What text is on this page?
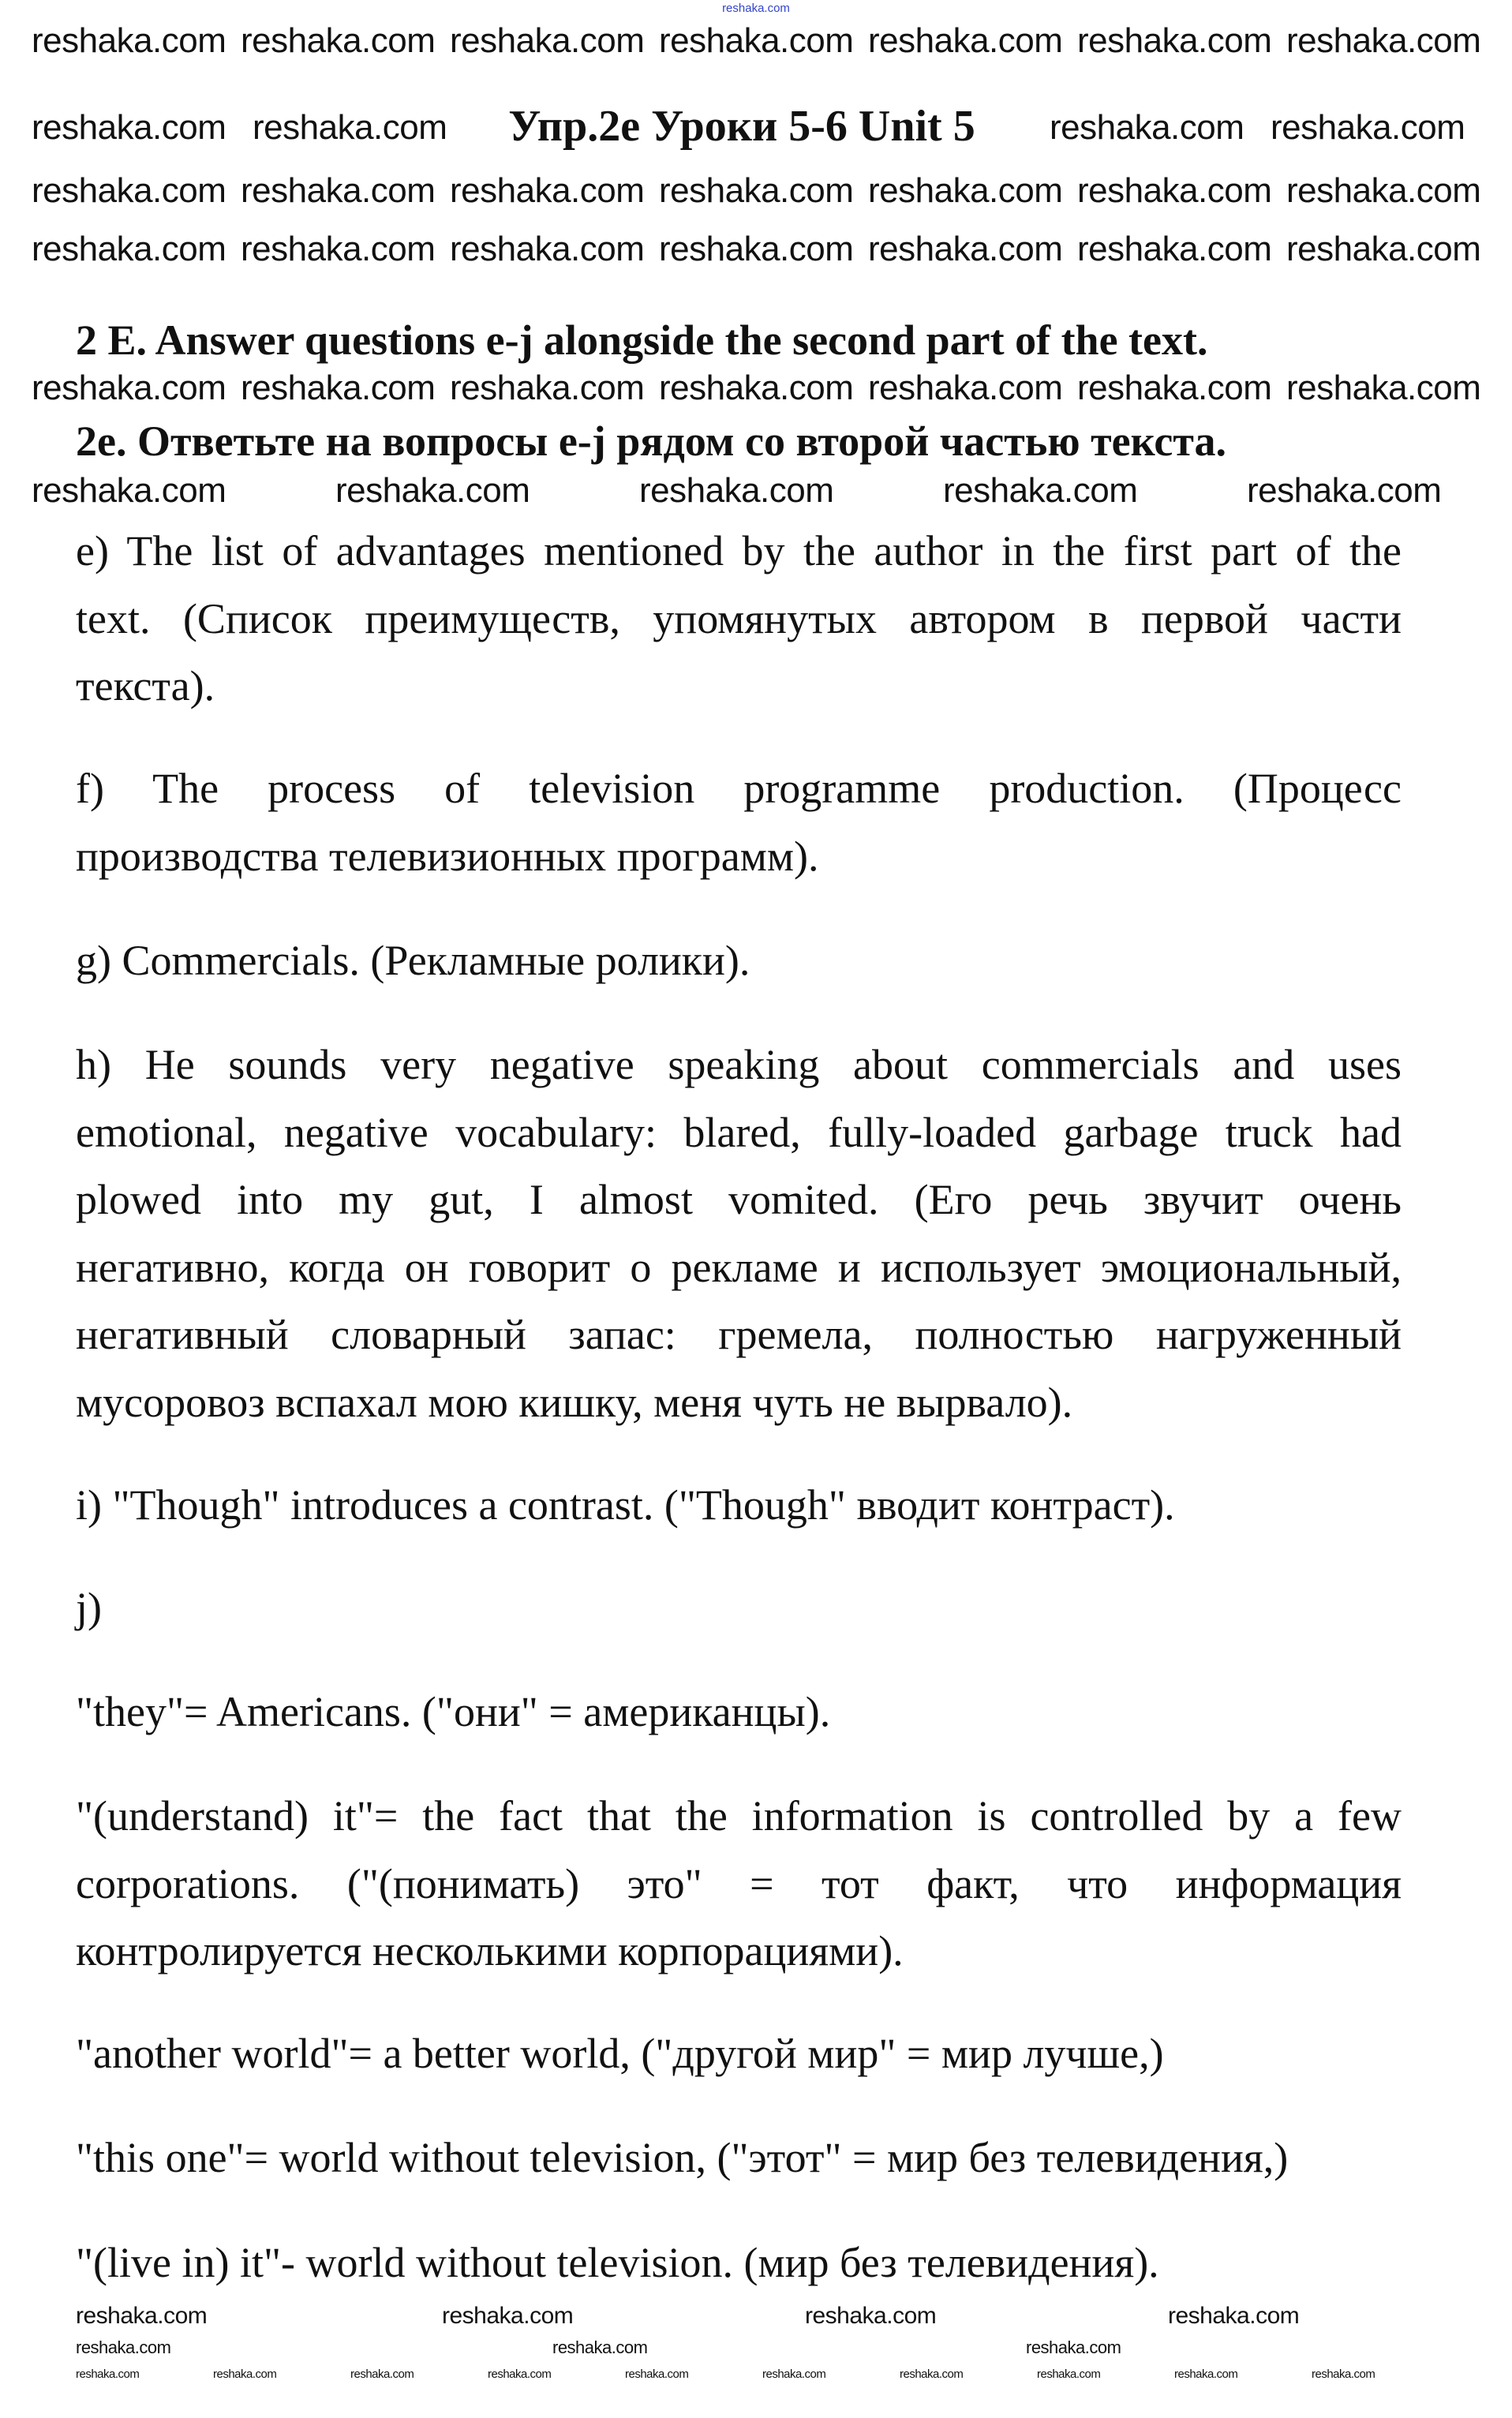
reshaka.com
Упр.2е Уроки 5-6 Unit 5
2 E. Answer questions e-j alongside the second part of the text.
2е. Ответьте на вопросы e-j рядом со второй частью текста.
e) The list of advantages mentioned by the author in the first part of the
text. (Список преимуществ, упомянутых автором в первой части
текста).
f) The process of television programme production. (Процесс
производства телевизионных программ).
g) Commercials. (Рекламные ролики).
h) He sounds very negative speaking about commercials and uses
emotional, negative vocabulary: blared, fully-loaded garbage truck had
plowed into my gut, I almost vomited. (Его речь звучит очень
негативно, когда он говорит о рекламе и использует эмоциональный,
негативный словарный запас: гремела, полностью нагруженный
мусоровоз вспахал мою кишку, меня чуть не вырвало).
i) "Though" introduces a contrast. ("Though" вводит контраст).
j)
"they"= Americans. ("они" = американцы).
"(understand) it"= the fact that the information is controlled by a few
corporations. ("(понимать) это" = тот факт, что информация
контролируется несколькими корпорациями).
"another world"= a better world, ("другой мир" = мир лучше,)
"this one"= world without television, ("этот" = мир без телевидения,)
"(live in) it"- world without television. (мир без телевидения).
reshaka.com reshaka.com reshaka.com reshaka.com reshaka.com reshaka.com reshaka.com
reshaka.com reshaka.com	reshaka.com reshaka.com
reshaka.com reshaka.com reshaka.com reshaka.com reshaka.com reshaka.com reshaka.com
reshaka.com reshaka.com reshaka.com reshaka.com reshaka.com reshaka.com reshaka.com
reshaka.com reshaka.com reshaka.com reshaka.com reshaka.com reshaka.com reshaka.com
reshaka.com	reshaka.com	reshaka.com	reshaka.com	reshaka.com
reshaka.com	reshaka.com	reshaka.com	reshaka.com
reshaka.com	reshaka.com	reshaka.com
reshaka.com	reshaka.com	reshaka.com	reshaka.com	reshaka.com	reshaka.com	reshaka.com	reshaka.com	reshaka.com	reshaka.com
